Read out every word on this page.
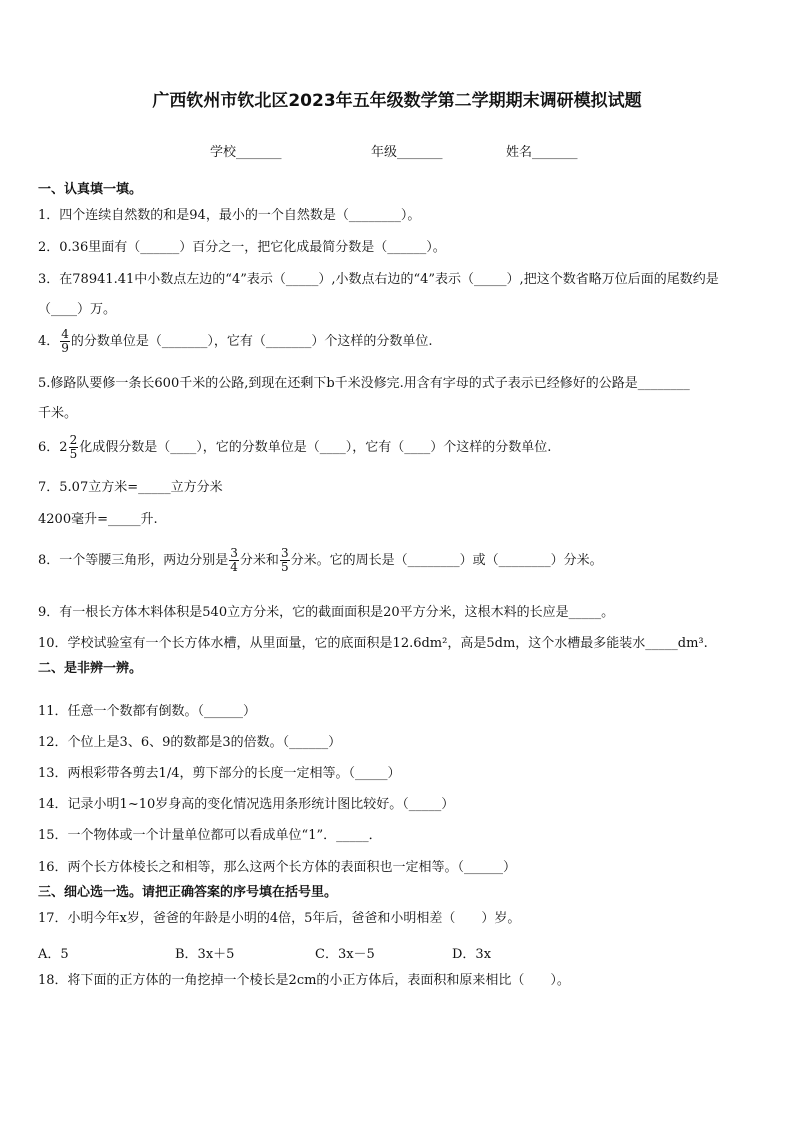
广西钦州市钦北区2023年五年级数学第二学期期末调研模拟试题
学校_______	年级_______	姓名_______
一、认真填一填。
1．四个连续自然数的和是94，最小的一个自然数是（________）。
2．0.36里面有（______）百分之一，把它化成最简分数是（______）。
3．在78941.41中小数点左边的“4”表示（_____）,小数点右边的“4”表示（_____）,把这个数省略万位后面的尾数约是
（____）万。
4． $\frac{4}{9}$ 的分数单位是（_______），它有（_______）个这样的分数单位.
5.修路队要修一条长600千米的公路,到现在还剩下b千米没修完.用含有字母的式子表示已经修好的公路是________
千米。
6．$2 \frac{2}{5}$ 化成假分数是（____），它的分数单位是（____），它有（____）个这样的分数单位.
7．5.07立方米=_____立方分米
4200毫升=_____升.
8．一个等腰三角形，两边分别是 $\frac{3}{4}$ 分米和 $\frac{3}{5}$ 分米。它的周长是（________）或（________）分米。
9．有一根长方体木料体积是540立方分米，它的截面面积是20平方分米，这根木料的长应是_____。
10．学校试验室有一个长方体水槽，从里面量，它的底面积是12.6dm²，高是5dm，这个水槽最多能装水_____dm³.
二、是非辨一辨。
11．任意一个数都有倒数。（______）
12．个位上是3、6、9的数都是3的倍数。（______）
13．两根彩带各剪去1/4，剪下部分的长度一定相等。（_____）
14．记录小明1~10岁身高的变化情况选用条形统计图比较好。（_____）
15．一个物体或一个计量单位都可以看成单位“1”．_____．
16．两个长方体棱长之和相等，那么这两个长方体的表面积也一定相等。（______）
三、细心选一选。请把正确答案的序号填在括号里。
17．小明今年x岁，爸爸的年龄是小明的4倍，5年后，爸爸和小明相差（　　）岁。
A．5	B．3x＋5	C．3x－5	D．3x
18．将下面的正方体的一角挖掉一个棱长是2cm的小正方体后，表面积和原来相比（　　）。
